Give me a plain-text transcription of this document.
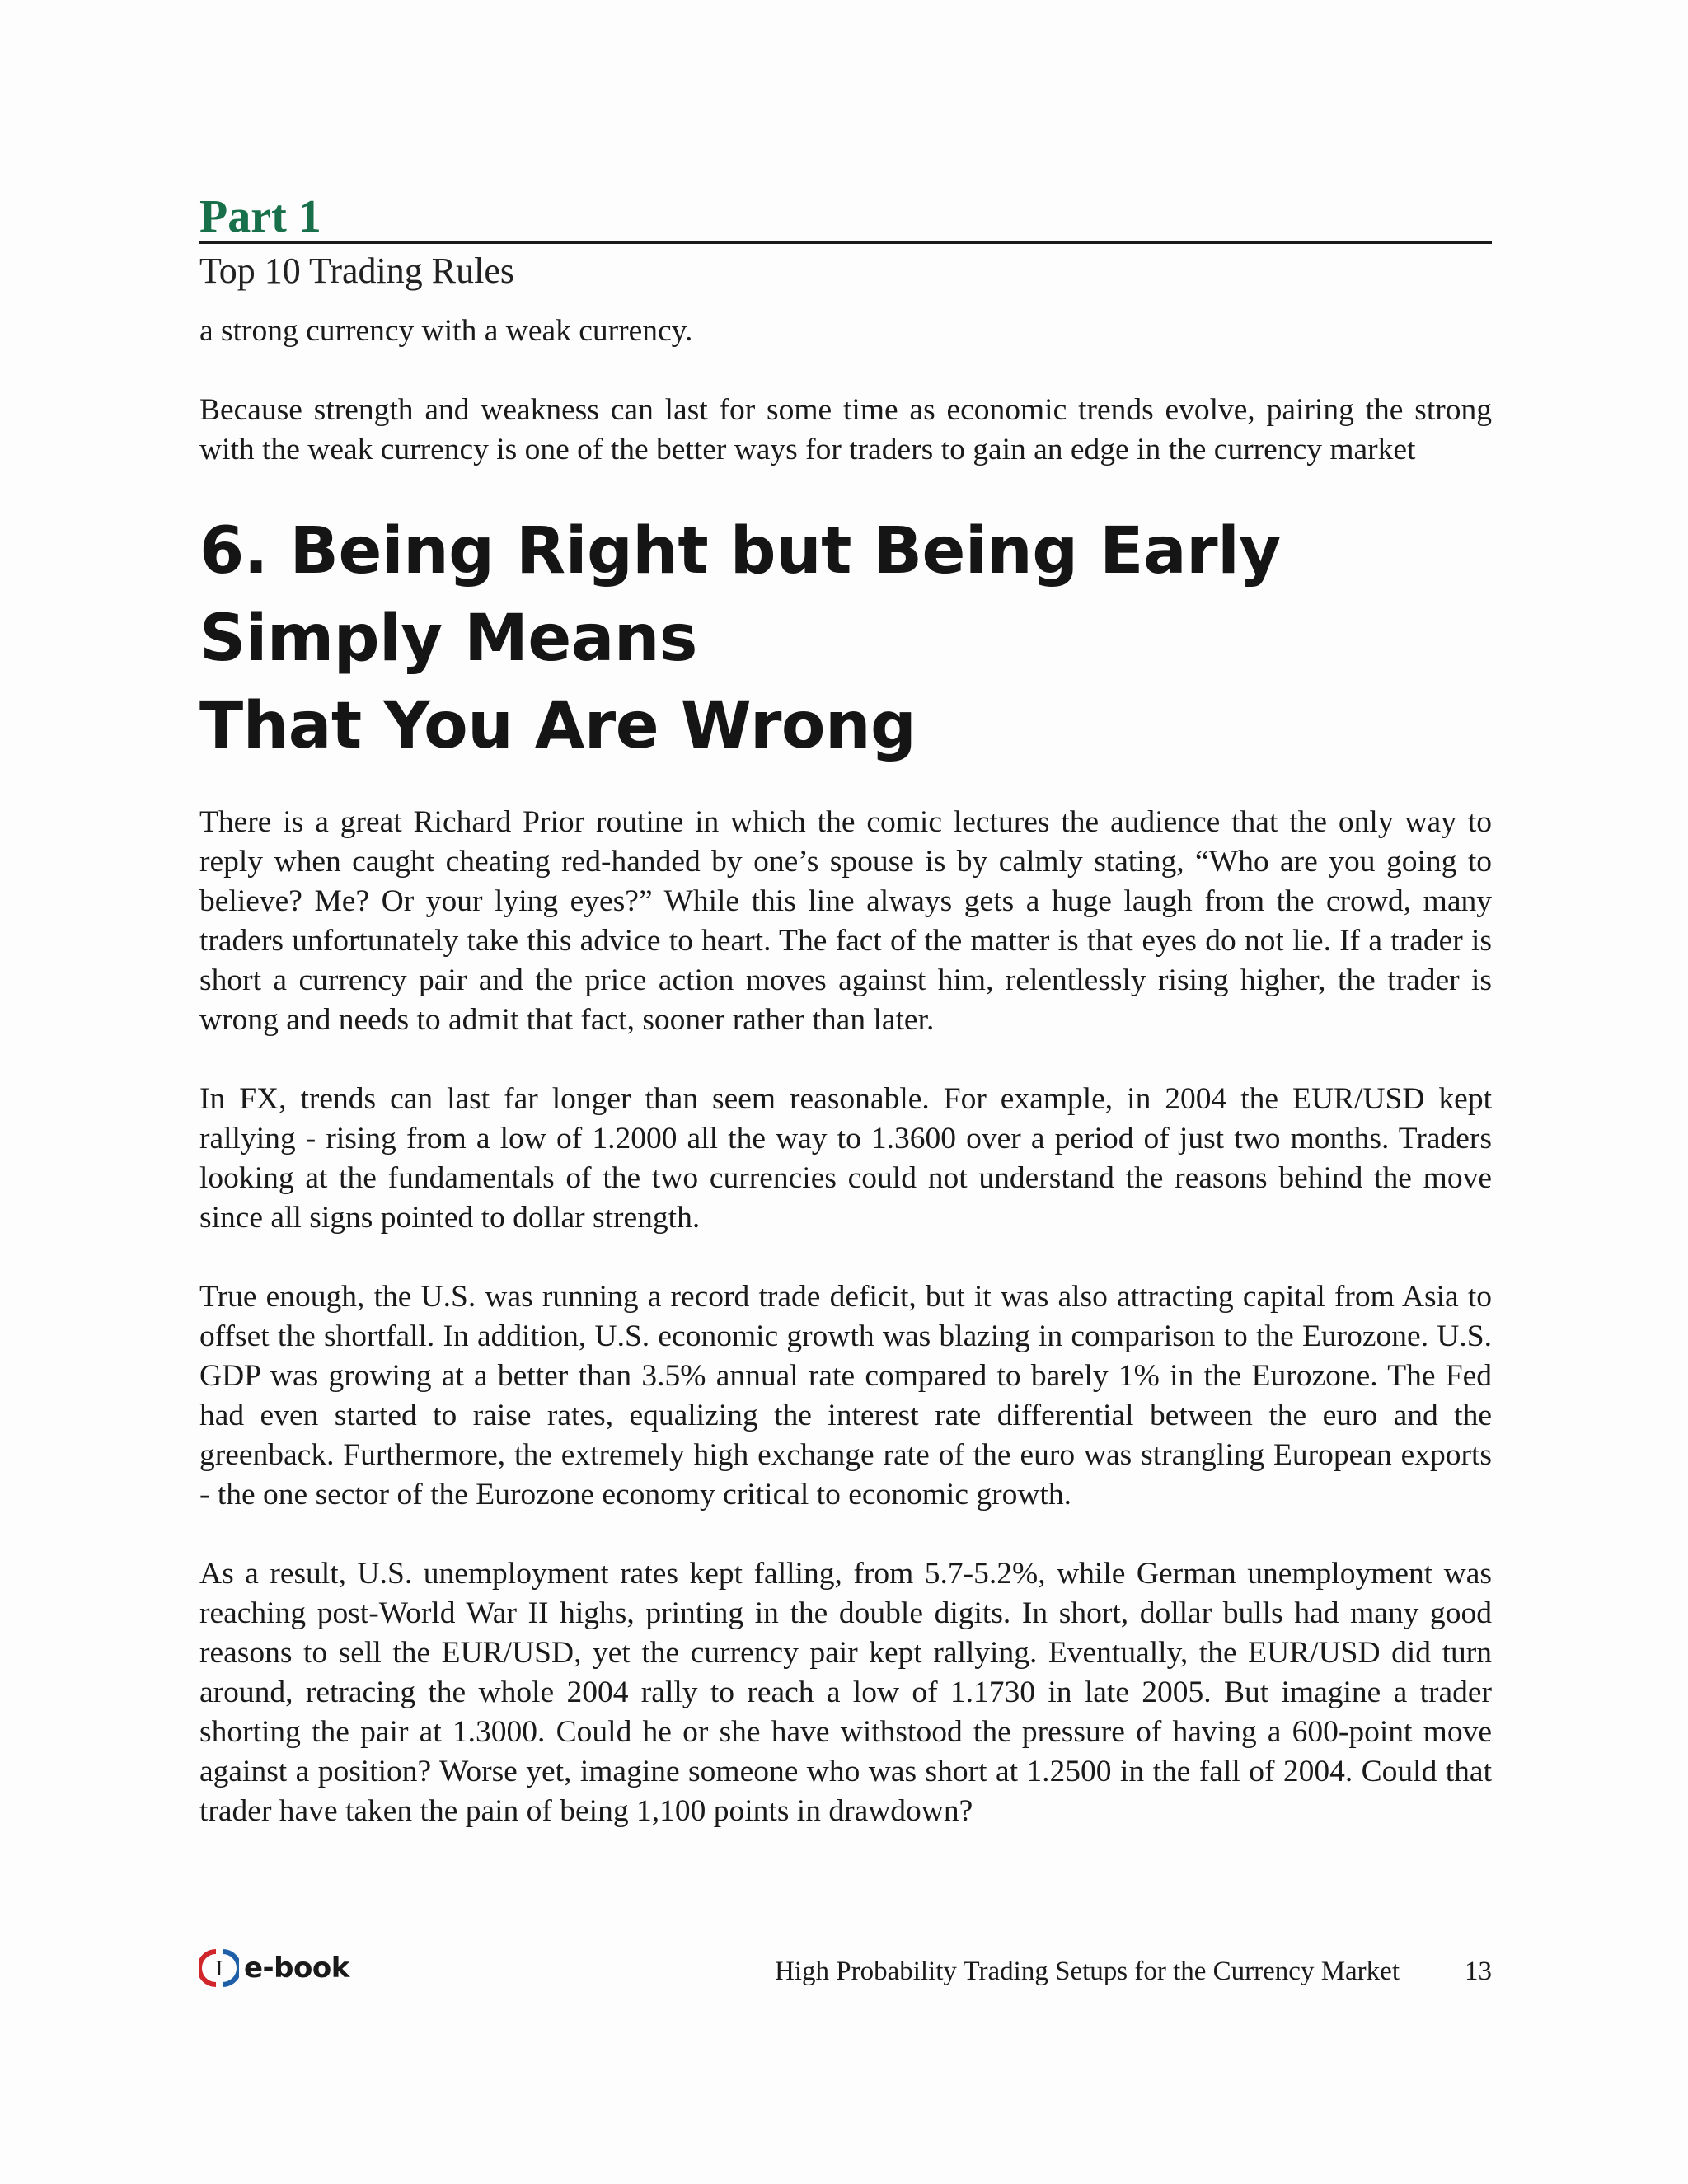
Part 1
Top 10 Trading Rules

a strong currency with a weak currency.

Because strength and weakness can last for some time as economic trends evolve, pairing the strong with the weak currency is one of the better ways for traders to gain an edge in the currency market

6. Being Right but Being Early Simply Means
That You Are Wrong

There is a great Richard Prior routine in which the comic lectures the audience that the only way to reply when caught cheating red-handed by one’s spouse is by calmly stating, “Who are you going to believe? Me? Or your lying eyes?” While this line always gets a huge laugh from the crowd, many traders unfortunately take this advice to heart. The fact of the matter is that eyes do not lie. If a trader is short a currency pair and the price action moves against him, relentlessly rising higher, the trader is wrong and needs to admit that fact, sooner rather than later.

In FX, trends can last far longer than seem reasonable. For example, in 2004 the EUR/USD kept rallying - rising from a low of 1.2000 all the way to 1.3600 over a period of just two months. Traders looking at the fundamentals of the two currencies could not understand the reasons behind the move since all signs pointed to dollar strength.

True enough, the U.S. was running a record trade deficit, but it was also attracting capital from Asia to offset the shortfall. In addition, U.S. economic growth was blazing in comparison to the Eurozone. U.S. GDP was growing at a better than 3.5% annual rate compared to barely 1% in the Eurozone. The Fed had even started to raise rates, equalizing the interest rate differential between the euro and the greenback. Furthermore, the extremely high exchange rate of the euro was strangling European exports - the one sector of the Eurozone economy critical to economic growth.

As a result, U.S. unemployment rates kept falling, from 5.7-5.2%, while German unemployment was reaching post-World War II highs, printing in the double digits. In short, dollar bulls had many good reasons to sell the EUR/USD, yet the currency pair kept rallying. Eventually, the EUR/USD did turn around, retracing the whole 2004 rally to reach a low of 1.1730 in late 2005. But imagine a trader shorting the pair at 1.3000. Could he or she have withstood the pressure of having a 600-point move against a position? Worse yet, imagine someone who was short at 1.2500 in the fall of 2004. Could that trader have taken the pain of being 1,100 points in drawdown?

I e-book	High Probability Trading Setups for the Currency Market 13
